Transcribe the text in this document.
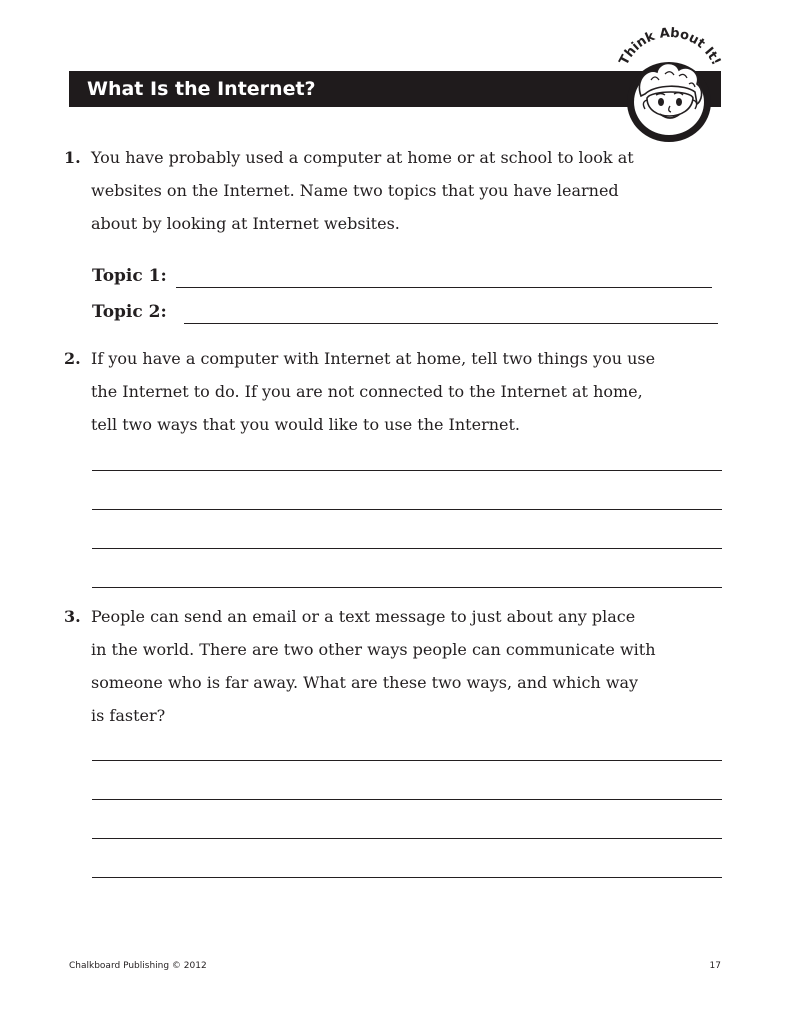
What Is the Internet?
Think About It!
1. You have probably used a computer at home or at school to look at
websites on the Internet. Name two topics that you have learned
about by looking at Internet websites.
Topic 1:
Topic 2:
2. If you have a computer with Internet at home, tell two things you use
the Internet to do. If you are not connected to the Internet at home,
tell two ways that you would like to use the Internet.
3. People can send an email or a text message to just about any place
in the world. There are two other ways people can communicate with
someone who is far away. What are these two ways, and which way
is faster?
Chalkboard Publishing © 2012	17
